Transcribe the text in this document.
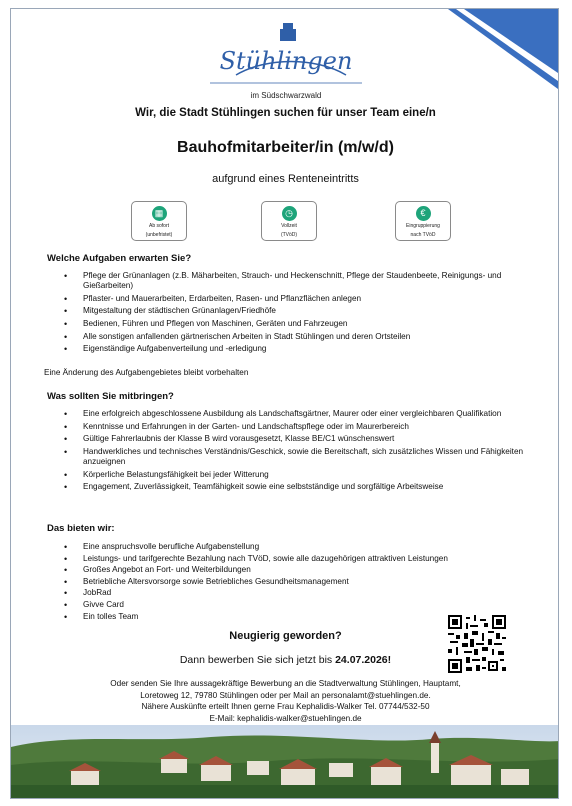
Stühlingen
im Südschwarzwald
Wir, die Stadt Stühlingen suchen für unser Team eine/n
Bauhofmitarbeiter/in (m/w/d)
aufgrund eines Renteneintritts
▦
Ab sofort
(unbefristet)
◷
Vollzeit
(TVöD)
€
Eingruppierung
nach TVöD
Welche Aufgaben erwarten Sie?
• Pflege der Grünanlagen (z.B. Mäharbeiten, Strauch- und Heckenschnitt, Pflege der Staudenbeete, Reinigungs- und Gießarbeiten)
• Pflaster- und Mauerarbeiten, Erdarbeiten, Rasen- und Pflanzflächen anlegen
• Mitgestaltung der städtischen Grünanlagen/Friedhöfe
• Bedienen, Führen und Pflegen von Maschinen, Geräten und Fahrzeugen
• Alle sonstigen anfallenden gärtnerischen Arbeiten in Stadt Stühlingen und deren Ortsteilen
• Eigenständige Aufgabenverteilung und -erledigung
Eine Änderung des Aufgabengebietes bleibt vorbehalten
Was sollten Sie mitbringen?
• Eine erfolgreich abgeschlossene Ausbildung als Landschaftsgärtner, Maurer oder einer vergleichbaren Qualifikation
• Kenntnisse und Erfahrungen in der Garten- und Landschaftspflege oder im Maurerbereich
• Gültige Fahrerlaubnis der Klasse B wird vorausgesetzt, Klasse BE/C1 wünschenswert
• Handwerkliches und technisches Verständnis/Geschick, sowie die Bereitschaft, sich zusätzliches Wissen und Fähigkeiten anzueignen
• Körperliche Belastungsfähigkeit bei jeder Witterung
• Engagement, Zuverlässigkeit, Teamfähigkeit sowie eine selbstständige und sorgfältige Arbeitsweise
Das bieten wir:
• Eine anspruchsvolle berufliche Aufgabenstellung
• Leistungs- und tarifgerechte Bezahlung nach TVöD, sowie alle dazugehörigen attraktiven Leistungen
• Großes Angebot an Fort- und Weiterbildungen
• Betriebliche Altersvorsorge sowie Betriebliches Gesundheitsmanagement
• JobRad
• Givve Card
• Ein tolles Team
Neugierig geworden?
Dann bewerben Sie sich jetzt bis 24.07.2026!
Oder senden Sie Ihre aussagekräftige Bewerbung an die Stadtverwaltung Stühlingen, Hauptamt,
Loretoweg 12, 79780 Stühlingen oder per Mail an personalamt@stuehlingen.de.
Nähere Auskünfte erteilt Ihnen gerne Frau Kephalidis-Walker Tel. 07744/532-50
E-Mail: kephalidis-walker@stuehlingen.de
